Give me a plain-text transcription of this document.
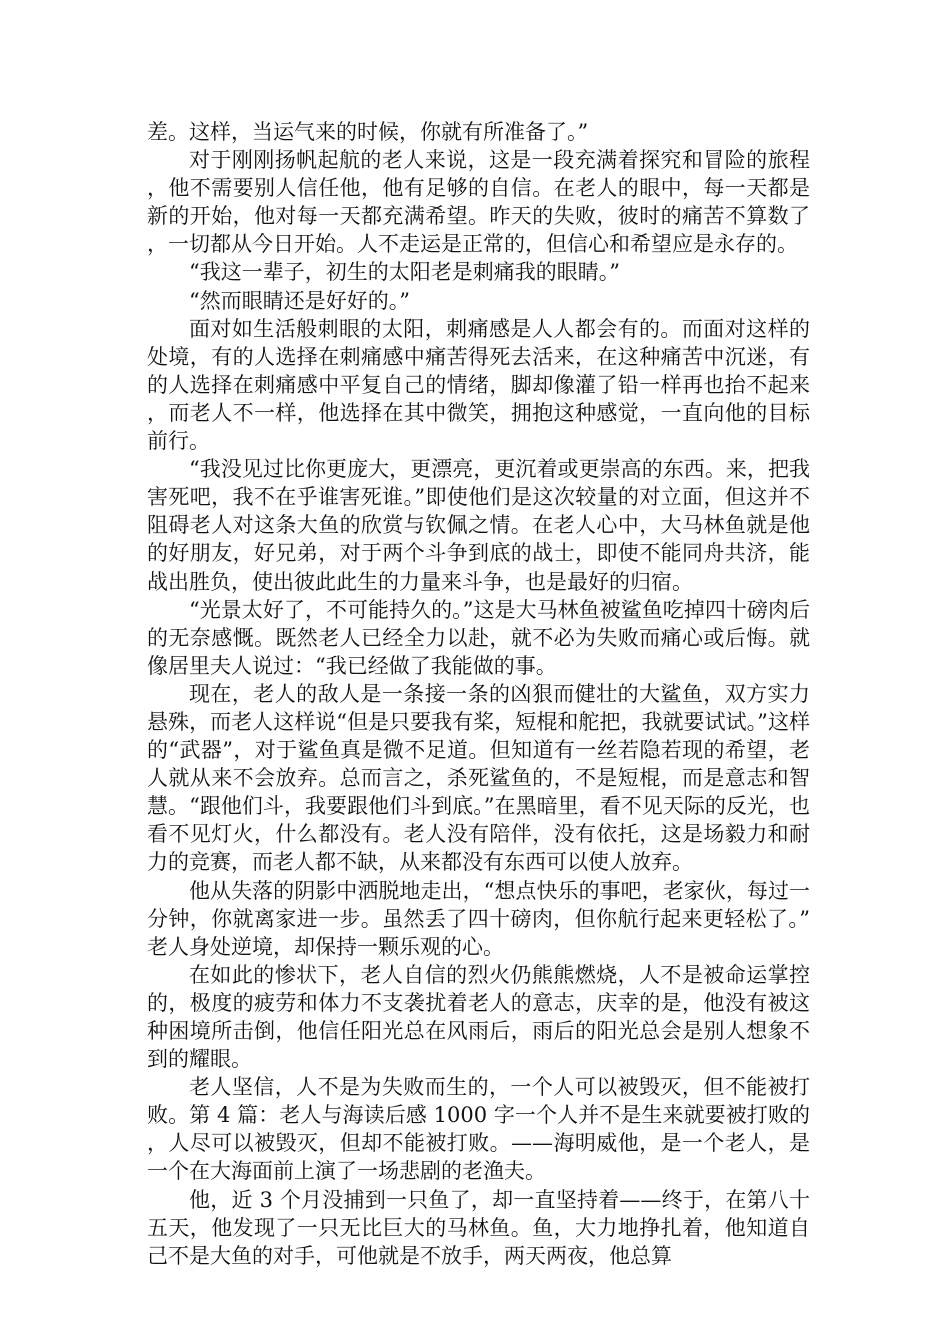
差。这样，当运气来的时候，你就有所准备了。”

对于刚刚扬帆起航的老人来说，这是一段充满着探究和冒险的旅程，他不需要别人信任他，他有足够的自信。在老人的眼中，每一天都是新的开始，他对每一天都充满希望。昨天的失败，彼时的痛苦不算数了，一切都从今日开始。人不走运是正常的，但信心和希望应是永存的。

“我这一辈子，初生的太阳老是刺痛我的眼睛。”

“然而眼睛还是好好的。”

面对如生活般刺眼的太阳，刺痛感是人人都会有的。而面对这样的处境，有的人选择在刺痛感中痛苦得死去活来，在这种痛苦中沉迷，有的人选择在刺痛感中平复自己的情绪，脚却像灌了铅一样再也抬不起来，而老人不一样，他选择在其中微笑，拥抱这种感觉，一直向他的目标前行。

“我没见过比你更庞大，更漂亮，更沉着或更崇高的东西。来，把我害死吧，我不在乎谁害死谁。”即使他们是这次较量的对立面，但这并不阻碍老人对这条大鱼的欣赏与钦佩之情。在老人心中，大马林鱼就是他的好朋友，好兄弟，对于两个斗争到底的战士，即使不能同舟共济，能战出胜负，使出彼此此生的力量来斗争，也是最好的归宿。

“光景太好了，不可能持久的。”这是大马林鱼被鲨鱼吃掉四十磅肉后的无奈感慨。既然老人已经全力以赴，就不必为失败而痛心或后悔。就像居里夫人说过：“我已经做了我能做的事。

现在，老人的敌人是一条接一条的凶狠而健壮的大鲨鱼，双方实力悬殊，而老人这样说“但是只要我有桨，短棍和舵把，我就要试试。”这样的“武器”，对于鲨鱼真是微不足道。但知道有一丝若隐若现的希望，老人就从来不会放弃。总而言之，杀死鲨鱼的，不是短棍，而是意志和智慧。“跟他们斗，我要跟他们斗到底。”在黑暗里，看不见天际的反光，也看不见灯火，什么都没有。老人没有陪伴，没有依托，这是场毅力和耐力的竞赛，而老人都不缺，从来都没有东西可以使人放弃。

他从失落的阴影中洒脱地走出，“想点快乐的事吧，老家伙，每过一分钟，你就离家进一步。虽然丢了四十磅肉，但你航行起来更轻松了。”老人身处逆境，却保持一颗乐观的心。

在如此的惨状下，老人自信的烈火仍熊熊燃烧，人不是被命运掌控的，极度的疲劳和体力不支袭扰着老人的意志，庆幸的是，他没有被这种困境所击倒，他信任阳光总在风雨后，雨后的阳光总会是别人想象不到的耀眼。

老人坚信，人不是为失败而生的，一个人可以被毁灭，但不能被打败。第 4 篇：老人与海读后感 1000 字一个人并不是生来就要被打败的，人尽可以被毁灭，但却不能被打败。——海明威他，是一个老人，是一个在大海面前上演了一场悲剧的老渔夫。

他，近 3 个月没捕到一只鱼了，却一直坚持着——终于，在第八十五天，他发现了一只无比巨大的马林鱼。鱼，大力地挣扎着，他知道自己不是大鱼的对手，可他就是不放手，两天两夜，他总算
